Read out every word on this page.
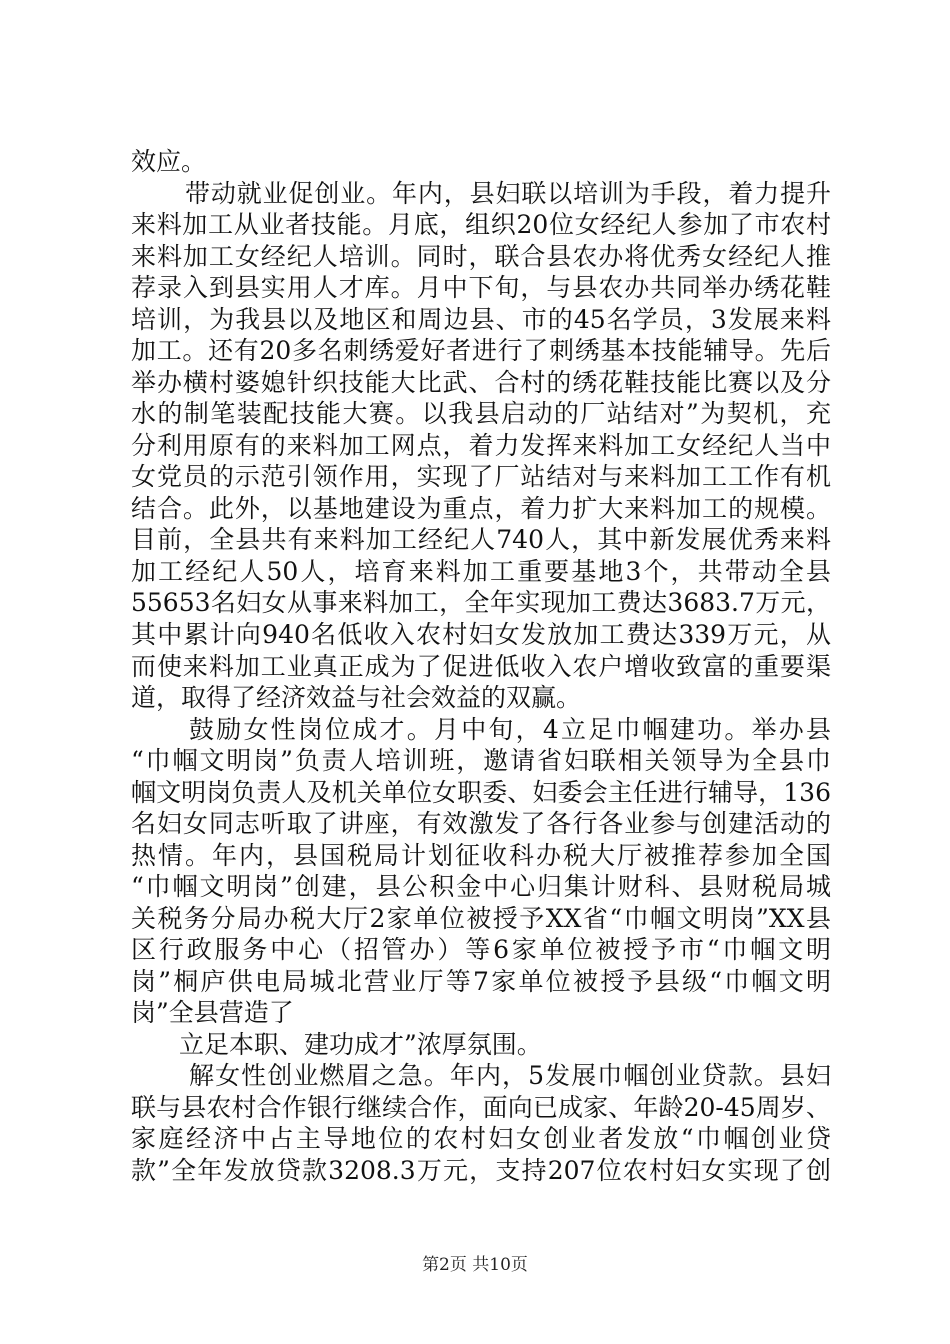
效应。
带动就业促创业。年内，县妇联以培训为手段，着力提升
来料加工从业者技能。月底，组织20位女经纪人参加了市农村
来料加工女经纪人培训。同时，联合县农办将优秀女经纪人推
荐录入到县实用人才库。月中下旬，与县农办共同举办绣花鞋
培训，为我县以及地区和周边县、市的45名学员，3发展来料
加工。还有20多名刺绣爱好者进行了刺绣基本技能辅导。先后
举办横村婆媳针织技能大比武、合村的绣花鞋技能比赛以及分
水的制笔装配技能大赛。以我县启动的厂站结对”为契机，充
分利用原有的来料加工网点，着力发挥来料加工女经纪人当中
女党员的示范引领作用，实现了厂站结对与来料加工工作有机
结合。此外，以基地建设为重点，着力扩大来料加工的规模。
目前，全县共有来料加工经纪人740人，其中新发展优秀来料
加工经纪人50人，培育来料加工重要基地3个，共带动全县
55653名妇女从事来料加工，全年实现加工费达3683.7万元，
其中累计向940名低收入农村妇女发放加工费达339万元，从
而使来料加工业真正成为了促进低收入农户增收致富的重要渠
道，取得了经济效益与社会效益的双赢。
鼓励女性岗位成才。月中旬，4立足巾帼建功。举办县
“巾帼文明岗”负责人培训班，邀请省妇联相关领导为全县巾
帼文明岗负责人及机关单位女职委、妇委会主任进行辅导，136
名妇女同志听取了讲座，有效激发了各行各业参与创建活动的
热情。年内，县国税局计划征收科办税大厅被推荐参加全国
“巾帼文明岗”创建，县公积金中心归集计财科、县财税局城
关税务分局办税大厅2家单位被授予XX省“巾帼文明岗”XX县
区行政服务中心（招管办）等6家单位被授予市“巾帼文明
岗”桐庐供电局城北营业厅等7家单位被授予县级“巾帼文明
岗”全县营造了
立足本职、建功成才”浓厚氛围。
解女性创业燃眉之急。年内，5发展巾帼创业贷款。县妇
联与县农村合作银行继续合作，面向已成家、年龄20-45周岁、
家庭经济中占主导地位的农村妇女创业者发放“巾帼创业贷
款”全年发放贷款3208.3万元，支持207位农村妇女实现了创
第2页 共10页
